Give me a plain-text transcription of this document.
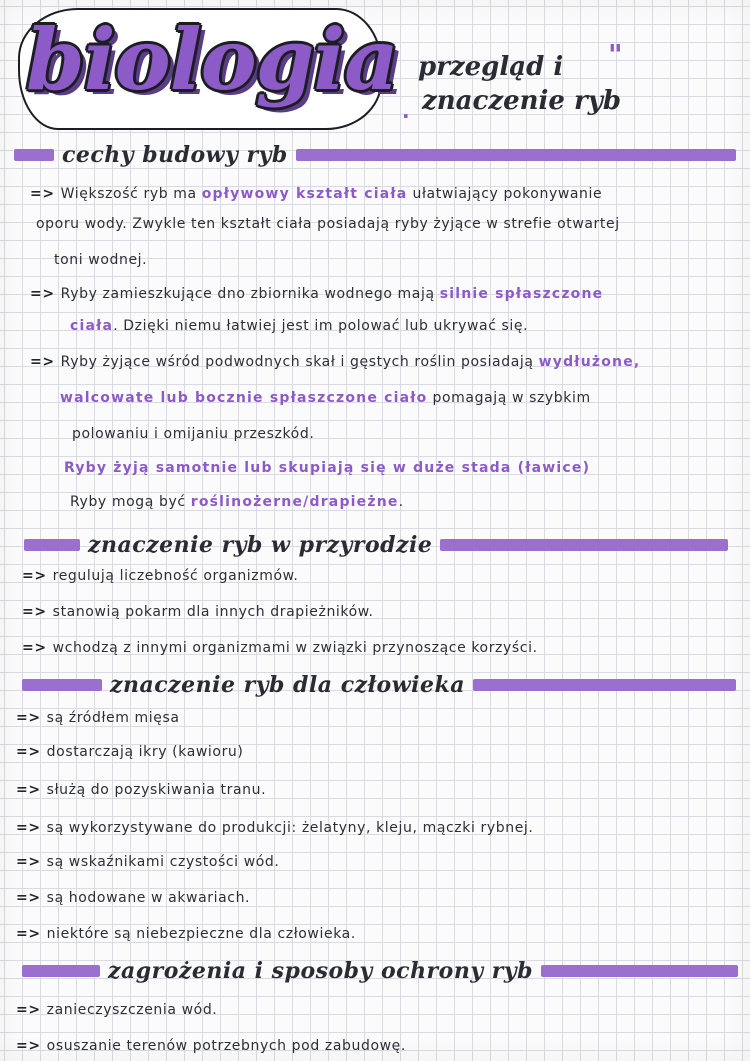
biologia przegląd i
znaczenie ryb
"
·
cechy budowy ryb
=> Większość ryb ma opływowy kształt ciała ułatwiający pokonywanie
oporu wody. Zwykle ten kształt ciała posiadają ryby żyjące w strefie otwartej
toni wodnej.
=> Ryby zamieszkujące dno zbiornika wodnego mają silnie spłaszczone
ciała. Dzięki niemu łatwiej jest im polować lub ukrywać się.
=> Ryby żyjące wśród podwodnych skał i gęstych roślin posiadają wydłużone,
walcowate lub bocznie spłaszczone ciało pomagają w szybkim
polowaniu i omijaniu przeszkód.
Ryby żyją samotnie lub skupiają się w duże stada (ławice)
Ryby mogą być roślinożerne/drapieżne.
znaczenie ryb w przyrodzie
=> regulują liczebność organizmów.
=> stanowią pokarm dla innych drapieżników.
=> wchodzą z innymi organizmami w związki przynoszące korzyści.
znaczenie ryb dla człowieka
=> są źródłem mięsa
=> dostarczają ikry (kawioru)
=> służą do pozyskiwania tranu.
=> są wykorzystywane do produkcji: żelatyny, kleju, mączki rybnej.
=> są wskaźnikami czystości wód.
=> są hodowane w akwariach.
=> niektóre są niebezpieczne dla człowieka.
zagrożenia i sposoby ochrony ryb
=> zanieczyszczenia wód.
=> osuszanie terenów potrzebnych pod zabudowę.
